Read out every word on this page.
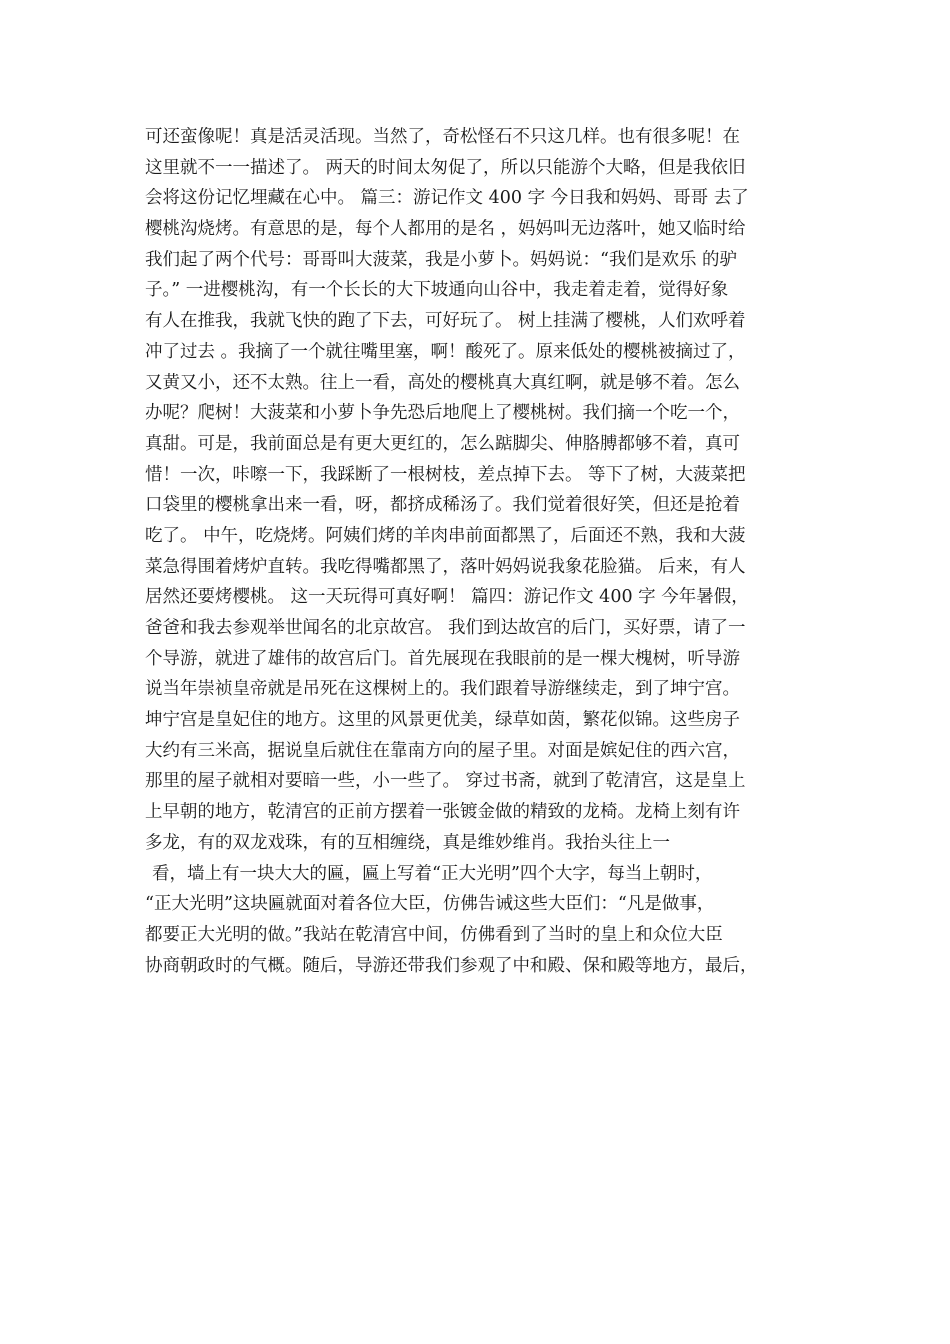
可还蛮像呢！真是活灵活现。当然了，奇松怪石不只这几样。也有很多呢！在
这里就不一一描述了。 两天的时间太匆促了，所以只能游个大略，但是我依旧
会将这份记忆埋藏在心中。 篇三：游记作文 400 字 今日我和妈妈、哥哥 去了
樱桃沟烧烤。有意思的是，每个人都用的是名 ，妈妈叫无边落叶，她又临时给
我们起了两个代号：哥哥叫大菠菜，我是小萝卜。妈妈说：“我们是欢乐 的驴
子。” 一进樱桃沟，有一个长长的大下坡通向山谷中，我走着走着，觉得好象
有人在推我，我就飞快的跑了下去，可好玩了。 树上挂满了樱桃，人们欢呼着
冲了过去 。我摘了一个就往嘴里塞，啊！酸死了。原来低处的樱桃被摘过了，
又黄又小，还不太熟。往上一看，高处的樱桃真大真红啊，就是够不着。怎么
办呢？爬树！大菠菜和小萝卜争先恐后地爬上了樱桃树。我们摘一个吃一个，
真甜。可是，我前面总是有更大更红的，怎么踮脚尖、伸胳膊都够不着，真可
惜！一次，咔嚓一下，我踩断了一根树枝，差点掉下去。 等下了树，大菠菜把
口袋里的樱桃拿出来一看，呀，都挤成稀汤了。我们觉着很好笑，但还是抢着
吃了。 中午，吃烧烤。阿姨们烤的羊肉串前面都黑了，后面还不熟，我和大菠
菜急得围着烤炉直转。我吃得嘴都黑了，落叶妈妈说我象花脸猫。 后来，有人
居然还要烤樱桃。 这一天玩得可真好啊！ 篇四：游记作文 400 字 今年暑假，
爸爸和我去参观举世闻名的北京故宫。 我们到达故宫的后门，买好票，请了一
个导游，就进了雄伟的故宫后门。首先展现在我眼前的是一棵大槐树，听导游
说当年崇祯皇帝就是吊死在这棵树上的。我们跟着导游继续走，到了坤宁宫。
坤宁宫是皇妃住的地方。这里的风景更优美，绿草如茵，繁花似锦。这些房子
大约有三米高，据说皇后就住在靠南方向的屋子里。对面是嫔妃住的西六宫，
那里的屋子就相对要暗一些，小一些了。 穿过书斋，就到了乾清宫，这是皇上
上早朝的地方，乾清宫的正前方摆着一张镀金做的精致的龙椅。龙椅上刻有许
多龙，有的双龙戏珠，有的互相缠绕，真是维妙维肖。我抬头往上一
看，墙上有一块大大的匾，匾上写着“正大光明”四个大字，每当上朝时，
“正大光明”这块匾就面对着各位大臣，仿佛告诫这些大臣们：“凡是做事，
都要正大光明的做。”我站在乾清宫中间，仿佛看到了当时的皇上和众位大臣
协商朝政时的气概。随后，导游还带我们参观了中和殿、保和殿等地方，最后，
